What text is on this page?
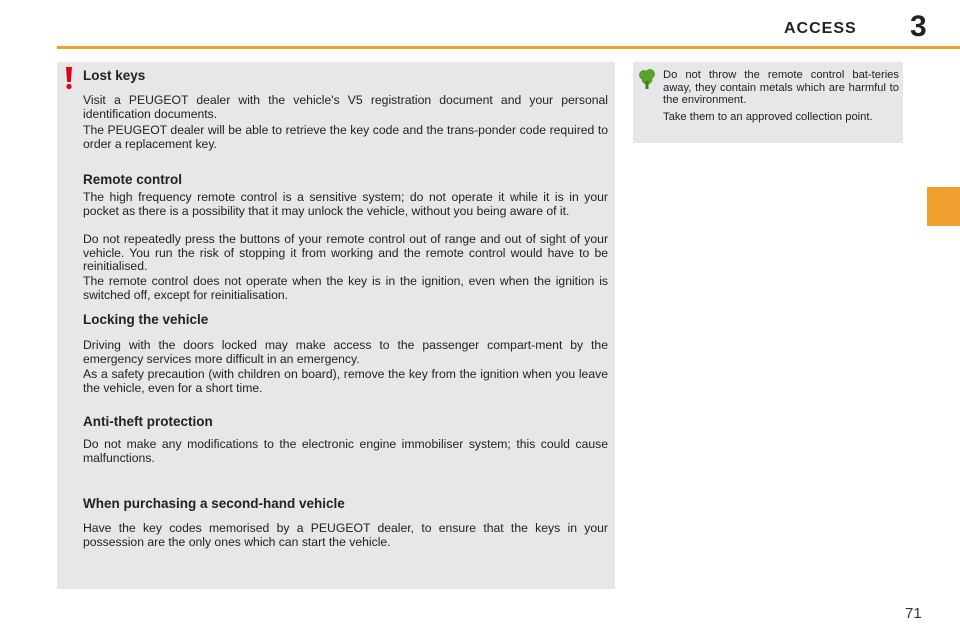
ACCESS 3
Lost keys

Visit a PEUGEOT dealer with the vehicle's V5 registration document and your personal identification documents.

The PEUGEOT dealer will be able to retrieve the key code and the trans-ponder code required to order a replacement key.

Remote control

The high frequency remote control is a sensitive system; do not operate it while it is in your pocket as there is a possibility that it may unlock the vehicle, without you being aware of it.

Do not repeatedly press the buttons of your remote control out of range and out of sight of your vehicle. You run the risk of stopping it from working and the remote control would have to be reinitialised.

The remote control does not operate when the key is in the ignition, even when the ignition is switched off, except for reinitialisation.

Locking the vehicle

Driving with the doors locked may make access to the passenger compart-ment by the emergency services more difficult in an emergency.

As a safety precaution (with children on board), remove the key from the ignition when you leave the vehicle, even for a short time.

Anti-theft protection

Do not make any modifications to the electronic engine immobiliser system; this could cause malfunctions.

When purchasing a second-hand vehicle

Have the key codes memorised by a PEUGEOT dealer, to ensure that the keys in your possession are the only ones which can start the vehicle.

Do not throw the remote control bat-teries away, they contain metals which are harmful to the environment.

Take them to an approved collection point.

71
